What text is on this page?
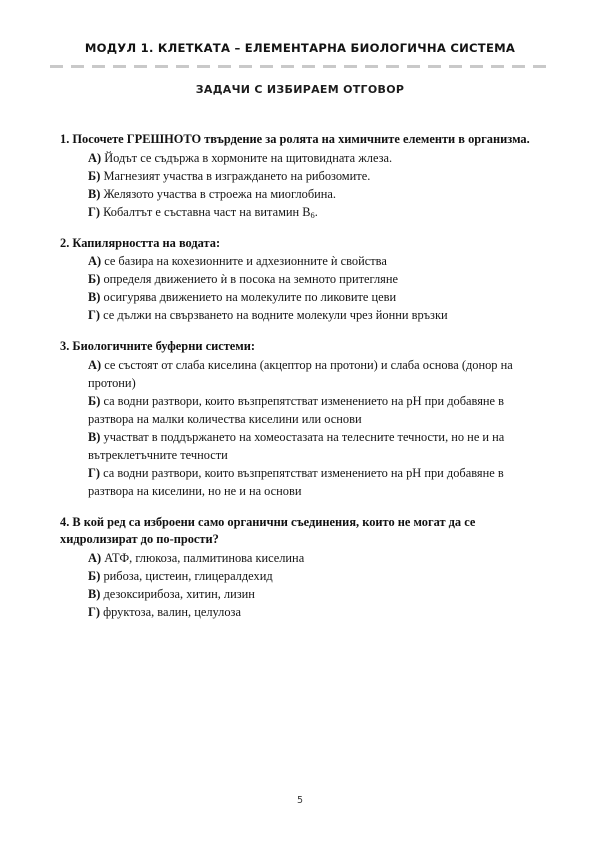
МОДУЛ 1. КЛЕТКАТА – ЕЛЕМЕНТАРНА БИОЛОГИЧНА СИСТЕМА
ЗАДАЧИ С ИЗБИРАЕМ ОТГОВОР

1. Посочете ГРЕШНОТО твърдение за ролята на химичните елементи в организма.

А) Йодът се съдържа в хормоните на щитовидната жлеза.
Б) Магнезият участва в изграждането на рибозомите.
В) Желязото участва в строежа на миоглобина.
Г) Кобалтът е съставна част на витамин $B_6$.

2. Капилярността на водата:

А) се базира на кохезионните и адхезионните ѝ свойства
Б) определя движението ѝ в посока на земното притегляне
В) осигурява движението на молекулите по ликовите цеви
Г) се дължи на свързването на водните молекули чрез йонни връзки

3. Биологичните буферни системи:

А) се състоят от слаба киселина (акцептор на протони) и слаба основа (донор на протони)
Б) са водни разтвори, които възпрепятстват изменението на pH при добавяне в разтвора на малки количества киселини или основи
В) участват в поддържането на хомеостазата на телесните течности, но не и на вътреклетъчните течности
Г) са водни разтвори, които възпрепятстват изменението на pH при добавяне в разтвора на киселини, но не и на основи

4. В кой ред са изброени само органични съединения, които не могат да се хидролизират до по-прости?

А) АТФ, глюкоза, палмитинова киселина
Б) рибоза, цистеин, глицералдехид
В) дезоксирибоза, хитин, лизин
Г) фруктоза, валин, целулоза
5
